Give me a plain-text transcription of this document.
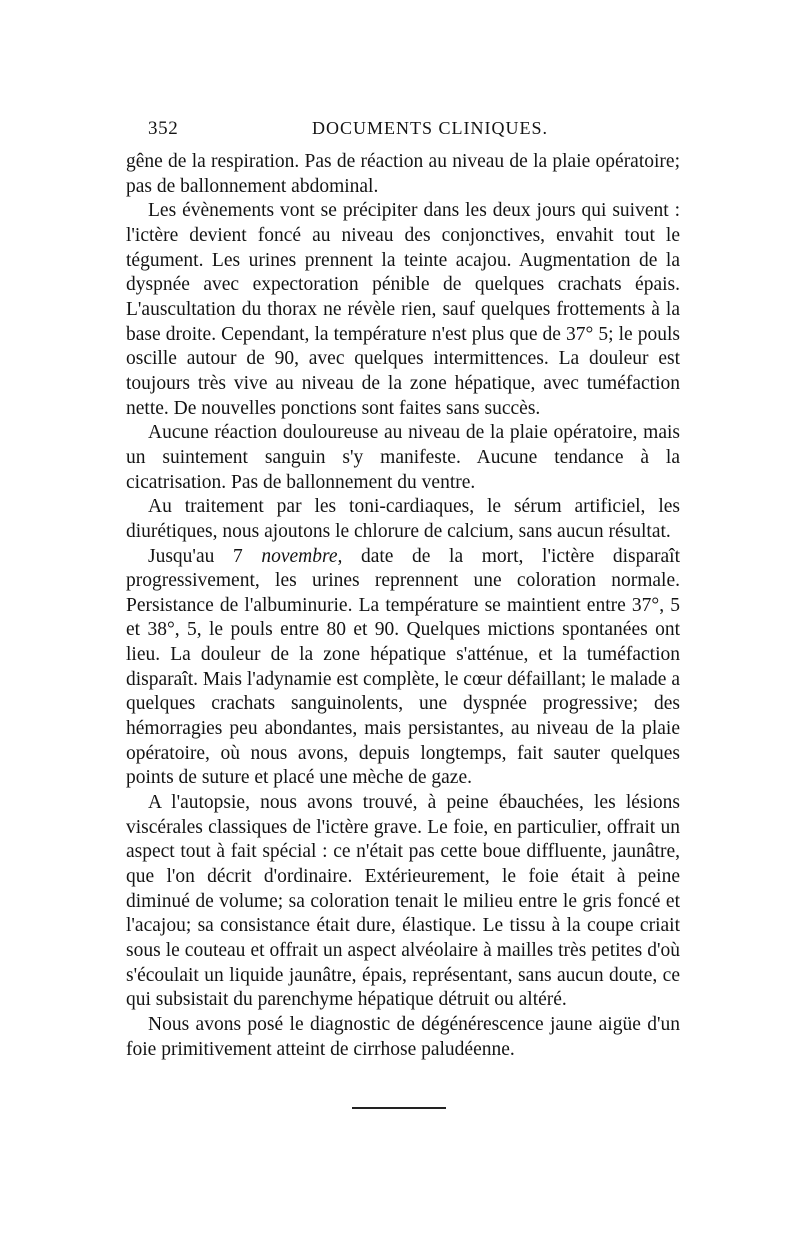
352	DOCUMENTS CLINIQUES.

gêne de la respiration. Pas de réaction au niveau de la plaie opératoire; pas de ballonnement abdominal.

Les évènements vont se précipiter dans les deux jours qui suivent : l'ictère devient foncé au niveau des conjonctives, envahit tout le tégument. Les urines prennent la teinte acajou. Augmentation de la dyspnée avec expectoration pénible de quelques crachats épais. L'auscultation du thorax ne révèle rien, sauf quelques frottements à la base droite. Cependant, la température n'est plus que de 37° 5; le pouls oscille autour de 90, avec quelques intermittences. La douleur est toujours très vive au niveau de la zone hépatique, avec tuméfaction nette. De nouvelles ponctions sont faites sans succès.

Aucune réaction douloureuse au niveau de la plaie opératoire, mais un suintement sanguin s'y manifeste. Aucune tendance à la cicatrisation. Pas de ballonnement du ventre.

Au traitement par les toni-cardiaques, le sérum artificiel, les diurétiques, nous ajoutons le chlorure de calcium, sans aucun résultat.

Jusqu'au 7 novembre, date de la mort, l'ictère disparaît progressivement, les urines reprennent une coloration normale. Persistance de l'albuminurie. La température se maintient entre 37°, 5 et 38°, 5, le pouls entre 80 et 90. Quelques mictions spontanées ont lieu. La douleur de la zone hépatique s'atténue, et la tuméfaction disparaît. Mais l'adynamie est complète, le cœur défaillant; le malade a quelques crachats sanguinolents, une dyspnée progressive; des hémorragies peu abondantes, mais persistantes, au niveau de la plaie opératoire, où nous avons, depuis longtemps, fait sauter quelques points de suture et placé une mèche de gaze.

A l'autopsie, nous avons trouvé, à peine ébauchées, les lésions viscérales classiques de l'ictère grave. Le foie, en particulier, offrait un aspect tout à fait spécial : ce n'était pas cette boue diffluente, jaunâtre, que l'on décrit d'ordinaire. Extérieurement, le foie était à peine diminué de volume; sa coloration tenait le milieu entre le gris foncé et l'acajou; sa consistance était dure, élastique. Le tissu à la coupe criait sous le couteau et offrait un aspect alvéolaire à mailles très petites d'où s'écoulait un liquide jaunâtre, épais, représentant, sans aucun doute, ce qui subsistait du parenchyme hépatique détruit ou altéré.

Nous avons posé le diagnostic de dégénérescence jaune aigüe d'un foie primitivement atteint de cirrhose paludéenne.
